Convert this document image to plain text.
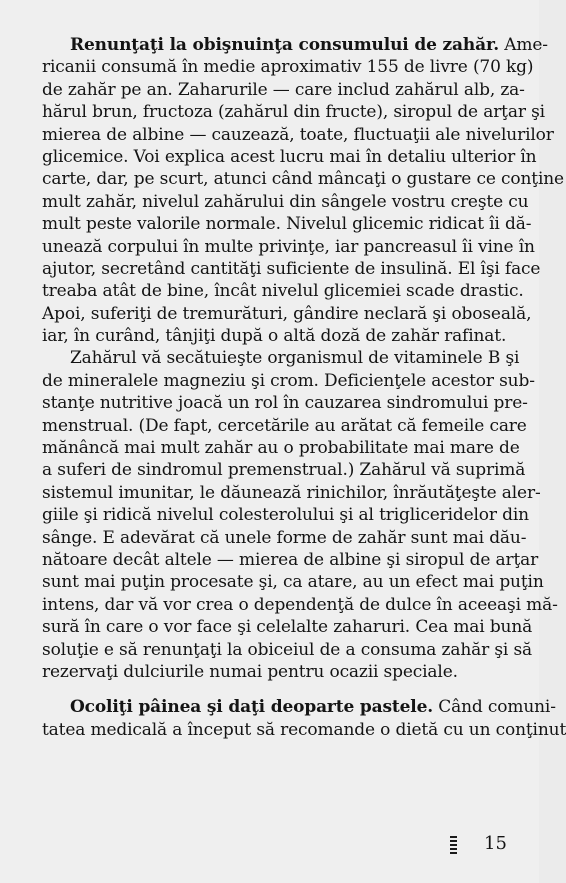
Renunţaţi la obişnuinţa consumului de zahăr. Ame-
ricanii consumă în medie aproximativ 155 de livre (70 kg)
de zahăr pe an. Zaharurile — care includ zahărul alb, za-
hărul brun, fructoza (zahărul din fructe), siropul de arţar şi
mierea de albine — cauzează, toate, fluctuaţii ale nivelurilor
glicemice. Voi explica acest lucru mai în detaliu ulterior în
carte, dar, pe scurt, atunci când mâncaţi o gustare ce conţine
mult zahăr, nivelul zahărului din sângele vostru creşte cu
mult peste valorile normale. Nivelul glicemic ridicat îi dă-
unează corpului în multe privinţe, iar pancreasul îi vine în
ajutor, secretând cantităţi suficiente de insulină. El îşi face
treaba atât de bine, încât nivelul glicemiei scade drastic.
Apoi, suferiţi de tremurături, gândire neclară şi oboseală,
iar, în curând, tânjiţi după o altă doză de zahăr rafinat.
Zahărul vă secătuieşte organismul de vitaminele B şi
de mineralele magneziu şi crom. Deficienţele acestor sub-
stanţe nutritive joacă un rol în cauzarea sindromului pre-
menstrual. (De fapt, cercetările au arătat că femeile care
mănâncă mai mult zahăr au o probabilitate mai mare de
a suferi de sindromul premenstrual.) Zahărul vă suprimă
sistemul imunitar, le dăunează rinichilor, înrăutăţeşte aler-
giile şi ridică nivelul colesterolului şi al trigliceridelor din
sânge. E adevărat că unele forme de zahăr sunt mai dău-
nătoare decât altele — mierea de albine şi siropul de arţar
sunt mai puţin procesate şi, ca atare, au un efect mai puţin
intens, dar vă vor crea o dependenţă de dulce în aceeaşi mă-
sură în care o vor face şi celelalte zaharuri. Cea mai bună
soluţie e să renunţaţi la obiceiul de a consuma zahăr şi să
rezervaţi dulciurile numai pentru ocazii speciale.
Ocoliţi pâinea şi daţi deoparte pastele. Când comuni-
tatea medicală a început să recomande o dietă cu un conţinut
15
